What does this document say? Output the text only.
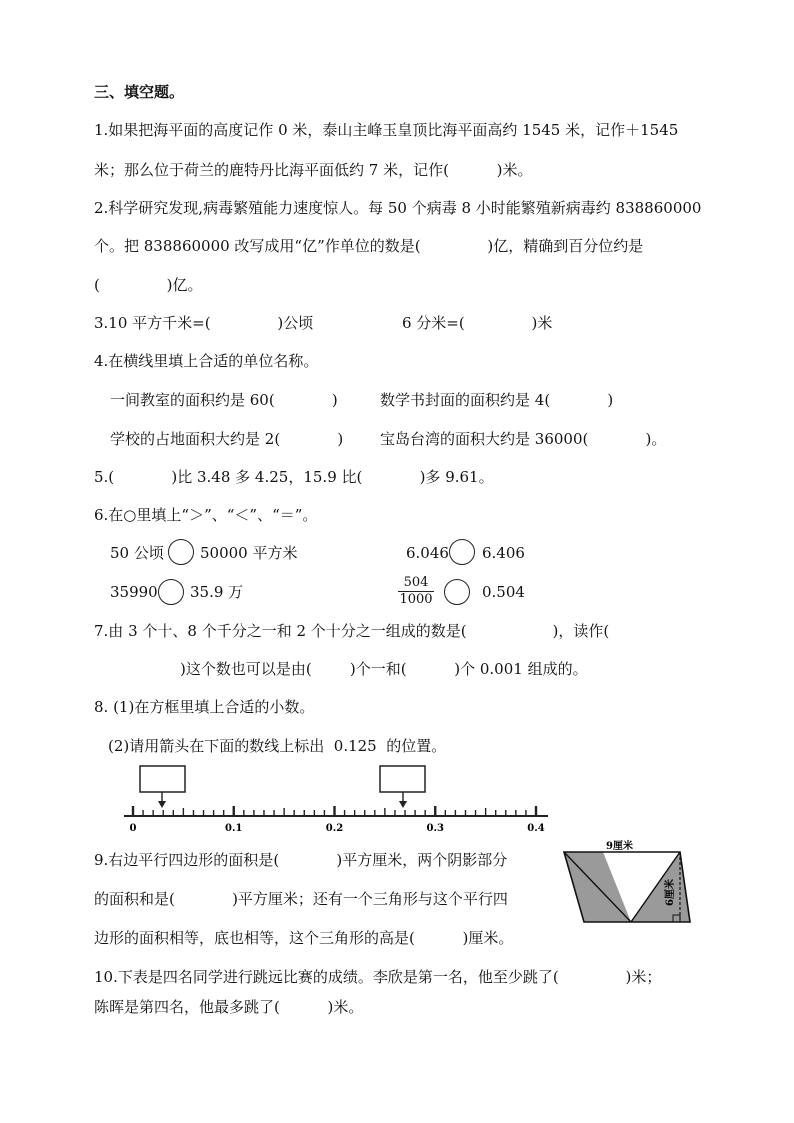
三、填空题。
1.如果把海平面的高度记作 0 米，泰山主峰玉皇顶比海平面高约 1545 米，记作＋1545
米；那么位于荷兰的鹿特丹比海平面低约 7 米，记作(          )米。
2.科学研究发现,病毒繁殖能力速度惊人。每 50 个病毒 8 小时能繁殖新病毒约 838860000
个。把 838860000 改写成用“亿”作单位的数是(              )亿，精确到百分位约是
(              )亿。
3.10 平方千米=(              )公顷	6 分米=(              )米
4.在横线里填上合适的单位名称。
一间教室的面积约是 60(            )	数学书封面的面积约是 4(            )
学校的占地面积大约是 2(            ) 宝岛台湾的面积大约是 36000(            )。
5.(            )比 3.48 多 4.25，15.9 比(            )多 9.61。
6.在○里填上“＞”、“＜”、“＝”。
50 公顷 50000 平方米	6.046 6.406
35990 35.9 万	$\frac{504}{1000}$	0.504
7.由 3 个十、8 个千分之一和 2 个十分之一组成的数是(                  )，读作(
)这个数也可以是由(        )个一和(          )个 0.001 组成的。
8. (1)在方框里填上合适的小数。
(2)请用箭头在下面的数线上标出  0.125  的位置。
0	0.1	0.2	0.3	0.4
9.右边平行四边形的面积是(            )平方厘米，两个阴影部分
的面积和是(            )平方厘米；还有一个三角形与这个平行四
边形的面积相等，底也相等，这个三角形的高是(          )厘米。
9厘米
6厘米
10.下表是四名同学进行跳远比赛的成绩。李欣是第一名，他至少跳了(              )米；
陈晖是第四名，他最多跳了(          )米。
